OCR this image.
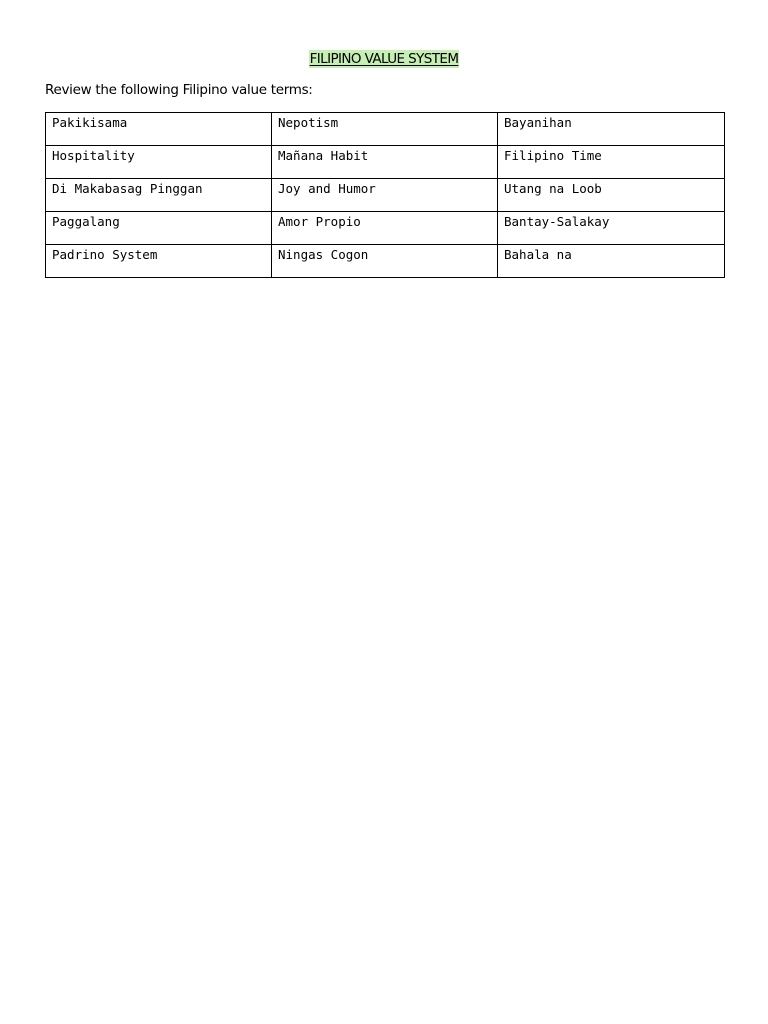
FILIPINO VALUE SYSTEM
Review the following Filipino value terms:
Pakikisama	Nepotism	Bayanihan
Hospitality	Mañana Habit	Filipino Time
Di Makabasag Pinggan	Joy and Humor	Utang na Loob
Paggalang	Amor Propio	Bantay-Salakay
Padrino System	Ningas Cogon	Bahala na
